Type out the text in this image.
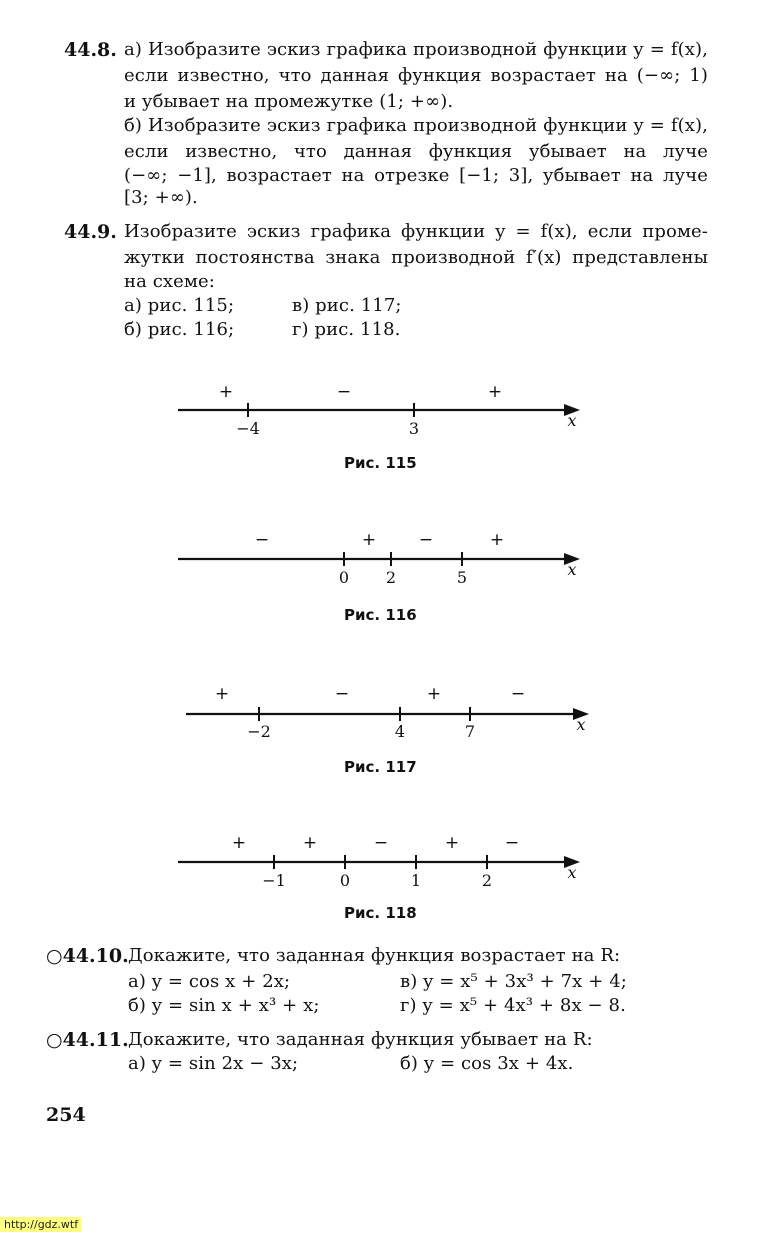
44.8. а) Изобразите эскиз графика производной функции y = f(x),
если известно, что данная функция возрастает на (−∞; 1)
и убывает на промежутке (1; +∞).
б) Изобразите эскиз графика производной функции y = f(x),
если известно, что данная функция убывает на луче
(−∞; −1], возрастает на отрезке [−1; 3], убывает на луче
[3; +∞).
44.9. Изобразите эскиз графика функции y = f(x), если проме-
жутки постоянства знака производной f′(x) представлены
на схеме:
а) рис. 115;	в) рис. 117;
б) рис. 116;	г) рис. 118.
+	−	+
−4	3	x
Рис. 115
−	+	−	+
0 2	5	x
Рис. 116
+	−	+	−
−2	4	7	x
Рис. 117
+	+	−	+	−
−1	0	1	2	x
Рис. 118
○44.10. Докажите, что заданная функция возрастает на R:
а) y = cos x + 2x;	в) y = x⁵ + 3x³ + 7x + 4;
б) y = sin x + x³ + x;	г) y = x⁵ + 4x³ + 8x − 8.
○44.11. Докажите, что заданная функция убывает на R:
а) y = sin 2x − 3x;	б) y = cos 3x + 4x.
254
http://gdz.wtf
